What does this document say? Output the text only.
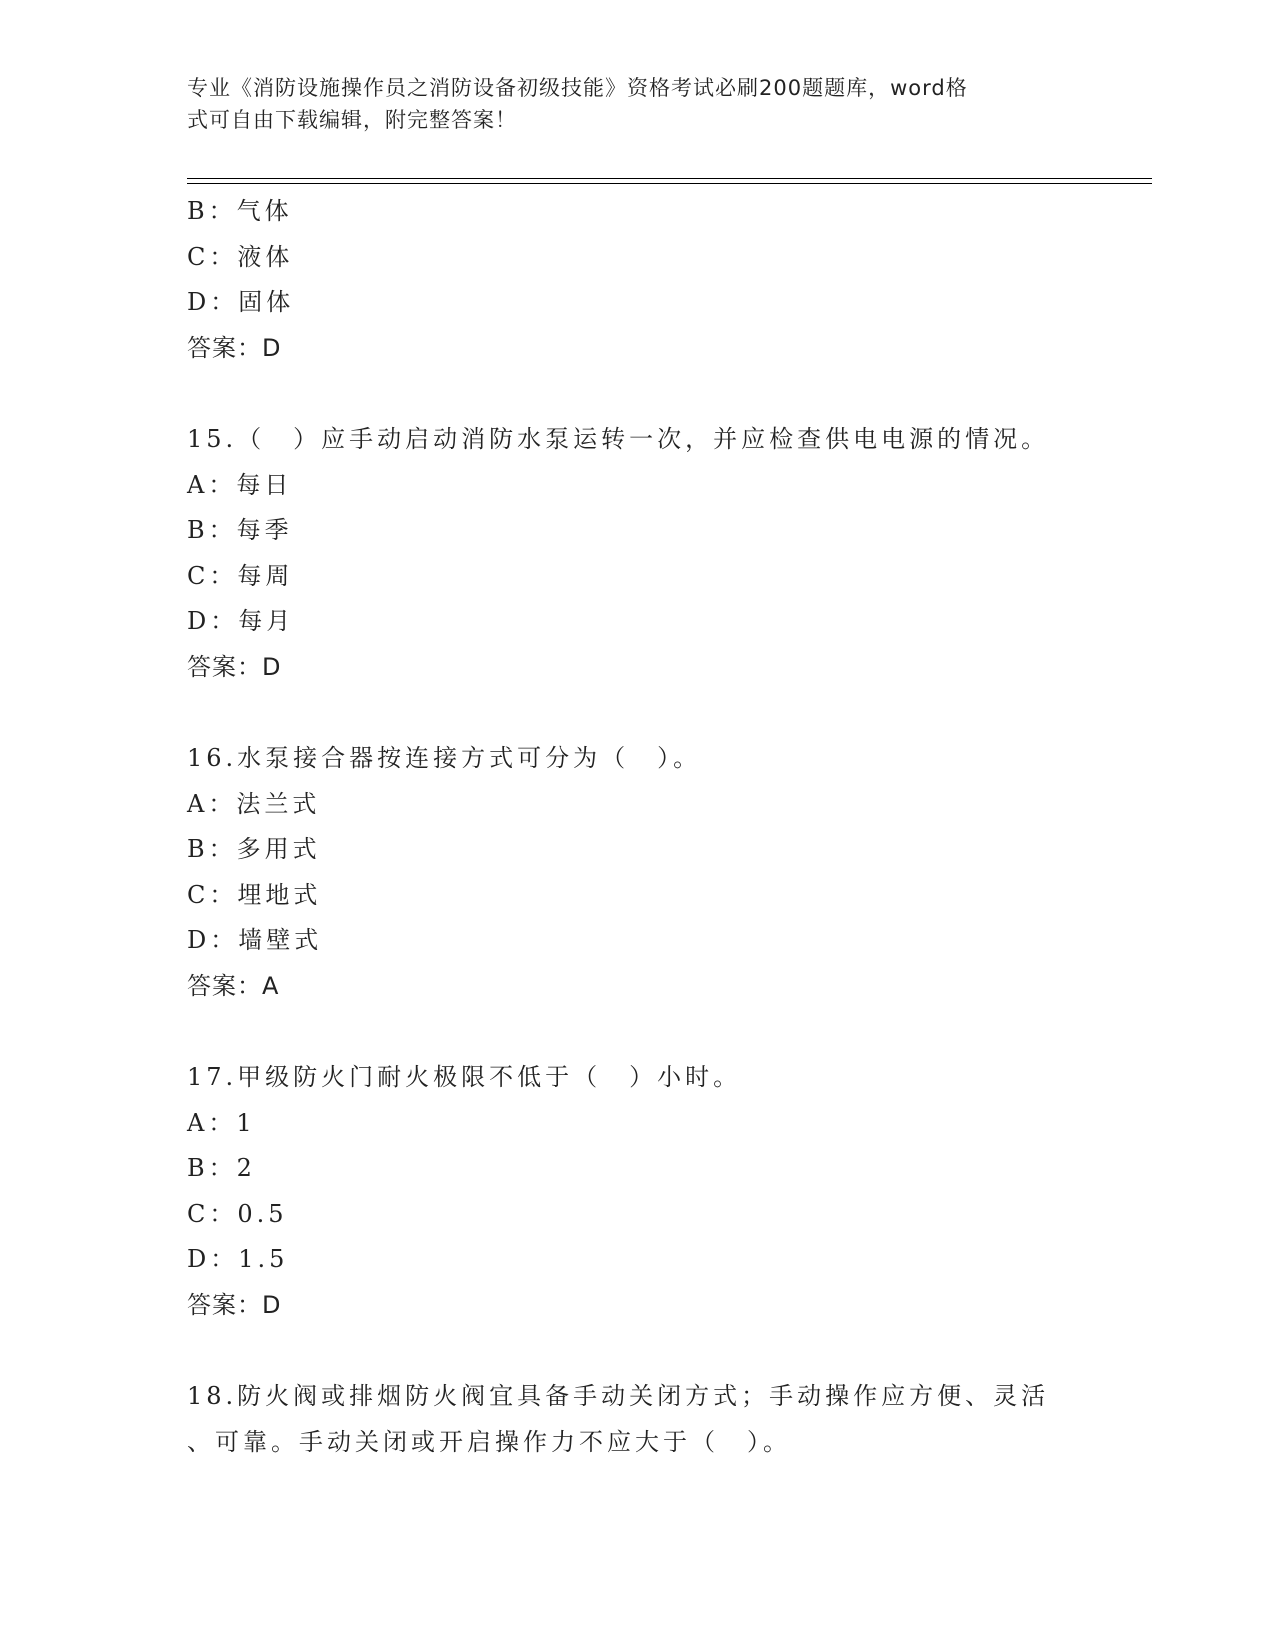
专业《消防设施操作员之消防设备初级技能》资格考试必刷200题题库，word格
式可自由下载编辑，附完整答案！
B：气体
C：液体
D：固体
答案：D
15.（　）应手动启动消防水泵运转一次，并应检查供电电源的情况。
A：每日
B：每季
C：每周
D：每月
答案：D
16.水泵接合器按连接方式可分为（　）。
A：法兰式
B：多用式
C：埋地式
D：墙壁式
答案：A
17.甲级防火门耐火极限不低于（　）小时。
A：1
B：2
C：0.5
D：1.5
答案：D
18.防火阀或排烟防火阀宜具备手动关闭方式；手动操作应方便、灵活
、可靠。手动关闭或开启操作力不应大于（　）。
